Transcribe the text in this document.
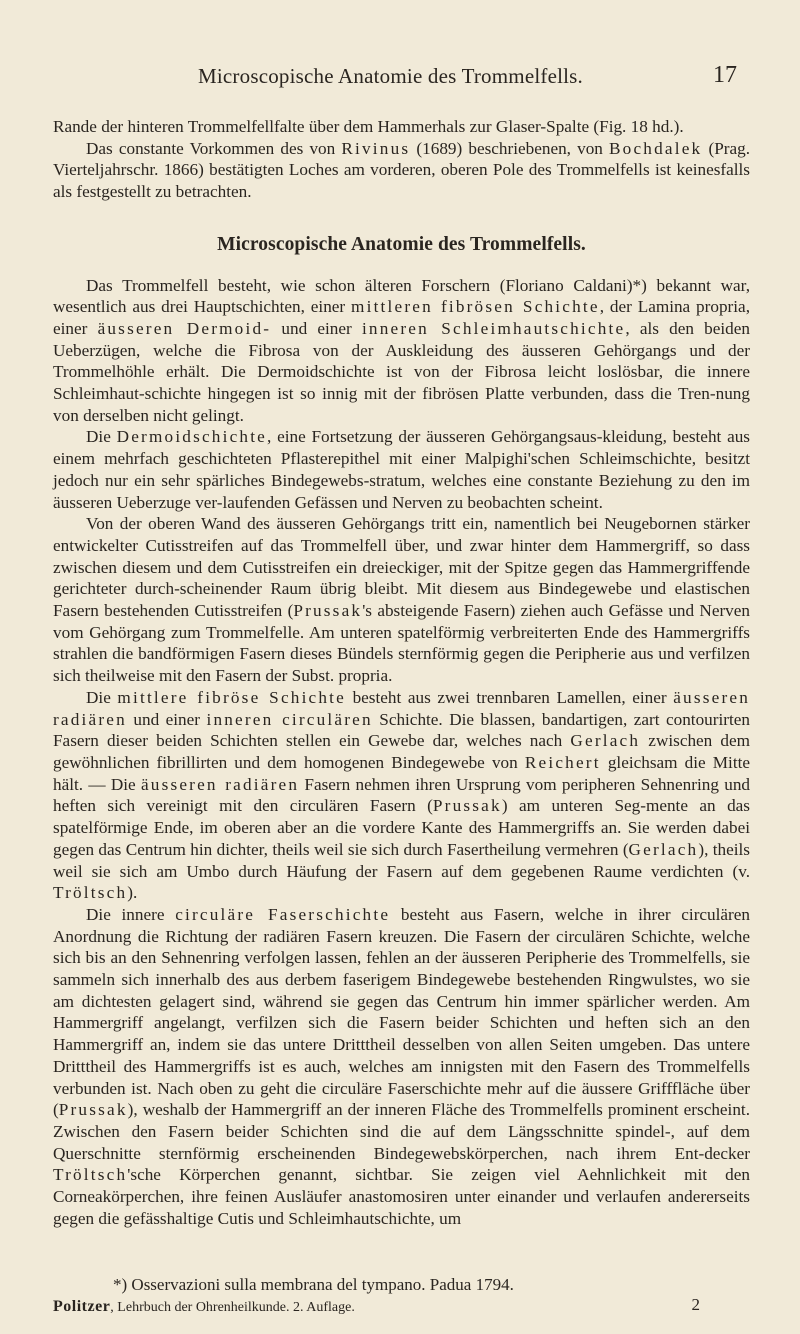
Microscopische Anatomie des Trommelfells.	17

Rande der hinteren Trommelfellfalte über dem Hammerhals zur Glaser-Spalte (Fig. 18 hd.).

Das constante Vorkommen des von Rivinus (1689) beschriebenen, von Bochdalek (Prag. Vierteljahrschr. 1866) bestätigten Loches am vorderen, oberen Pole des Trommelfells ist keinesfalls als festgestellt zu betrachten.

Microscopische Anatomie des Trommelfells.

Das Trommelfell besteht, wie schon älteren Forschern (Floriano Caldani)*) bekannt war, wesentlich aus drei Hauptschichten, einer mittleren fibrösen Schichte, der Lamina propria, einer äusseren Dermoid- und einer inneren Schleimhautschichte, als den beiden Ueberzügen, welche die Fibrosa von der Auskleidung des äusseren Gehörgangs und der Trommelhöhle erhält. Die Dermoidschichte ist von der Fibrosa leicht loslösbar, die innere Schleimhaut-schichte hingegen ist so innig mit der fibrösen Platte verbunden, dass die Tren-nung von derselben nicht gelingt.

Die Dermoidschichte, eine Fortsetzung der äusseren Gehörgangsaus-kleidung, besteht aus einem mehrfach geschichteten Pflasterepithel mit einer Malpighi'schen Schleimschichte, besitzt jedoch nur ein sehr spärliches Bindegewebs-stratum, welches eine constante Beziehung zu den im äusseren Ueberzuge ver-laufenden Gefässen und Nerven zu beobachten scheint.

Von der oberen Wand des äusseren Gehörgangs tritt ein, namentlich bei Neugebornen stärker entwickelter Cutisstreifen auf das Trommelfell über, und zwar hinter dem Hammergriff, so dass zwischen diesem und dem Cutisstreifen ein dreieckiger, mit der Spitze gegen das Hammergriffende gerichteter durch-scheinender Raum übrig bleibt. Mit diesem aus Bindegewebe und elastischen Fasern bestehenden Cutisstreifen (Prussak's absteigende Fasern) ziehen auch Gefässe und Nerven vom Gehörgang zum Trommelfelle. Am unteren spatelförmig verbreiterten Ende des Hammergriffs strahlen die bandförmigen Fasern dieses Bündels sternförmig gegen die Peripherie aus und verfilzen sich theilweise mit den Fasern der Subst. propria.

Die mittlere fibröse Schichte besteht aus zwei trennbaren Lamellen, einer äusseren radiären und einer inneren circulären Schichte. Die blassen, bandartigen, zart contourirten Fasern dieser beiden Schichten stellen ein Gewebe dar, welches nach Gerlach zwischen dem gewöhnlichen fibrillirten und dem homogenen Bindegewebe von Reichert gleichsam die Mitte hält. — Die äusseren radiären Fasern nehmen ihren Ursprung vom peripheren Sehnenring und heften sich vereinigt mit den circulären Fasern (Prussak) am unteren Seg-mente an das spatelförmige Ende, im oberen aber an die vordere Kante des Hammergriffs an. Sie werden dabei gegen das Centrum hin dichter, theils weil sie sich durch Fasertheilung vermehren (Gerlach), theils weil sie sich am Umbo durch Häufung der Fasern auf dem gegebenen Raume verdichten (v. Tröltsch).

Die innere circuläre Faserschichte besteht aus Fasern, welche in ihrer circulären Anordnung die Richtung der radiären Fasern kreuzen. Die Fasern der circulären Schichte, welche sich bis an den Sehnenring verfolgen lassen, fehlen an der äusseren Peripherie des Trommelfells, sie sammeln sich innerhalb des aus derbem faserigem Bindegewebe bestehenden Ringwulstes, wo sie am dichtesten gelagert sind, während sie gegen das Centrum hin immer spärlicher werden. Am Hammergriff angelangt, verfilzen sich die Fasern beider Schichten und heften sich an den Hammergriff an, indem sie das untere Dritttheil desselben von allen Seiten umgeben. Das untere Dritttheil des Hammergriffs ist es auch, welches am innigsten mit den Fasern des Trommelfells verbunden ist. Nach oben zu geht die circuläre Faserschichte mehr auf die äussere Grifffläche über (Prussak), weshalb der Hammergriff an der inneren Fläche des Trommelfells prominent erscheint. Zwischen den Fasern beider Schichten sind die auf dem Längsschnitte spindel-, auf dem Querschnitte sternförmig erscheinenden Bindegewebskörperchen, nach ihrem Ent-decker Tröltsch'sche Körperchen genannt, sichtbar. Sie zeigen viel Aehnlichkeit mit den Corneakörperchen, ihre feinen Ausläufer anastomosiren unter einander und verlaufen andererseits gegen die gefässhaltige Cutis und Schleimhautschichte, um

*) Osservazioni sulla membrana del tympano. Padua 1794.
Politzer, Lehrbuch der Ohrenheilkunde. 2. Auflage.	2
